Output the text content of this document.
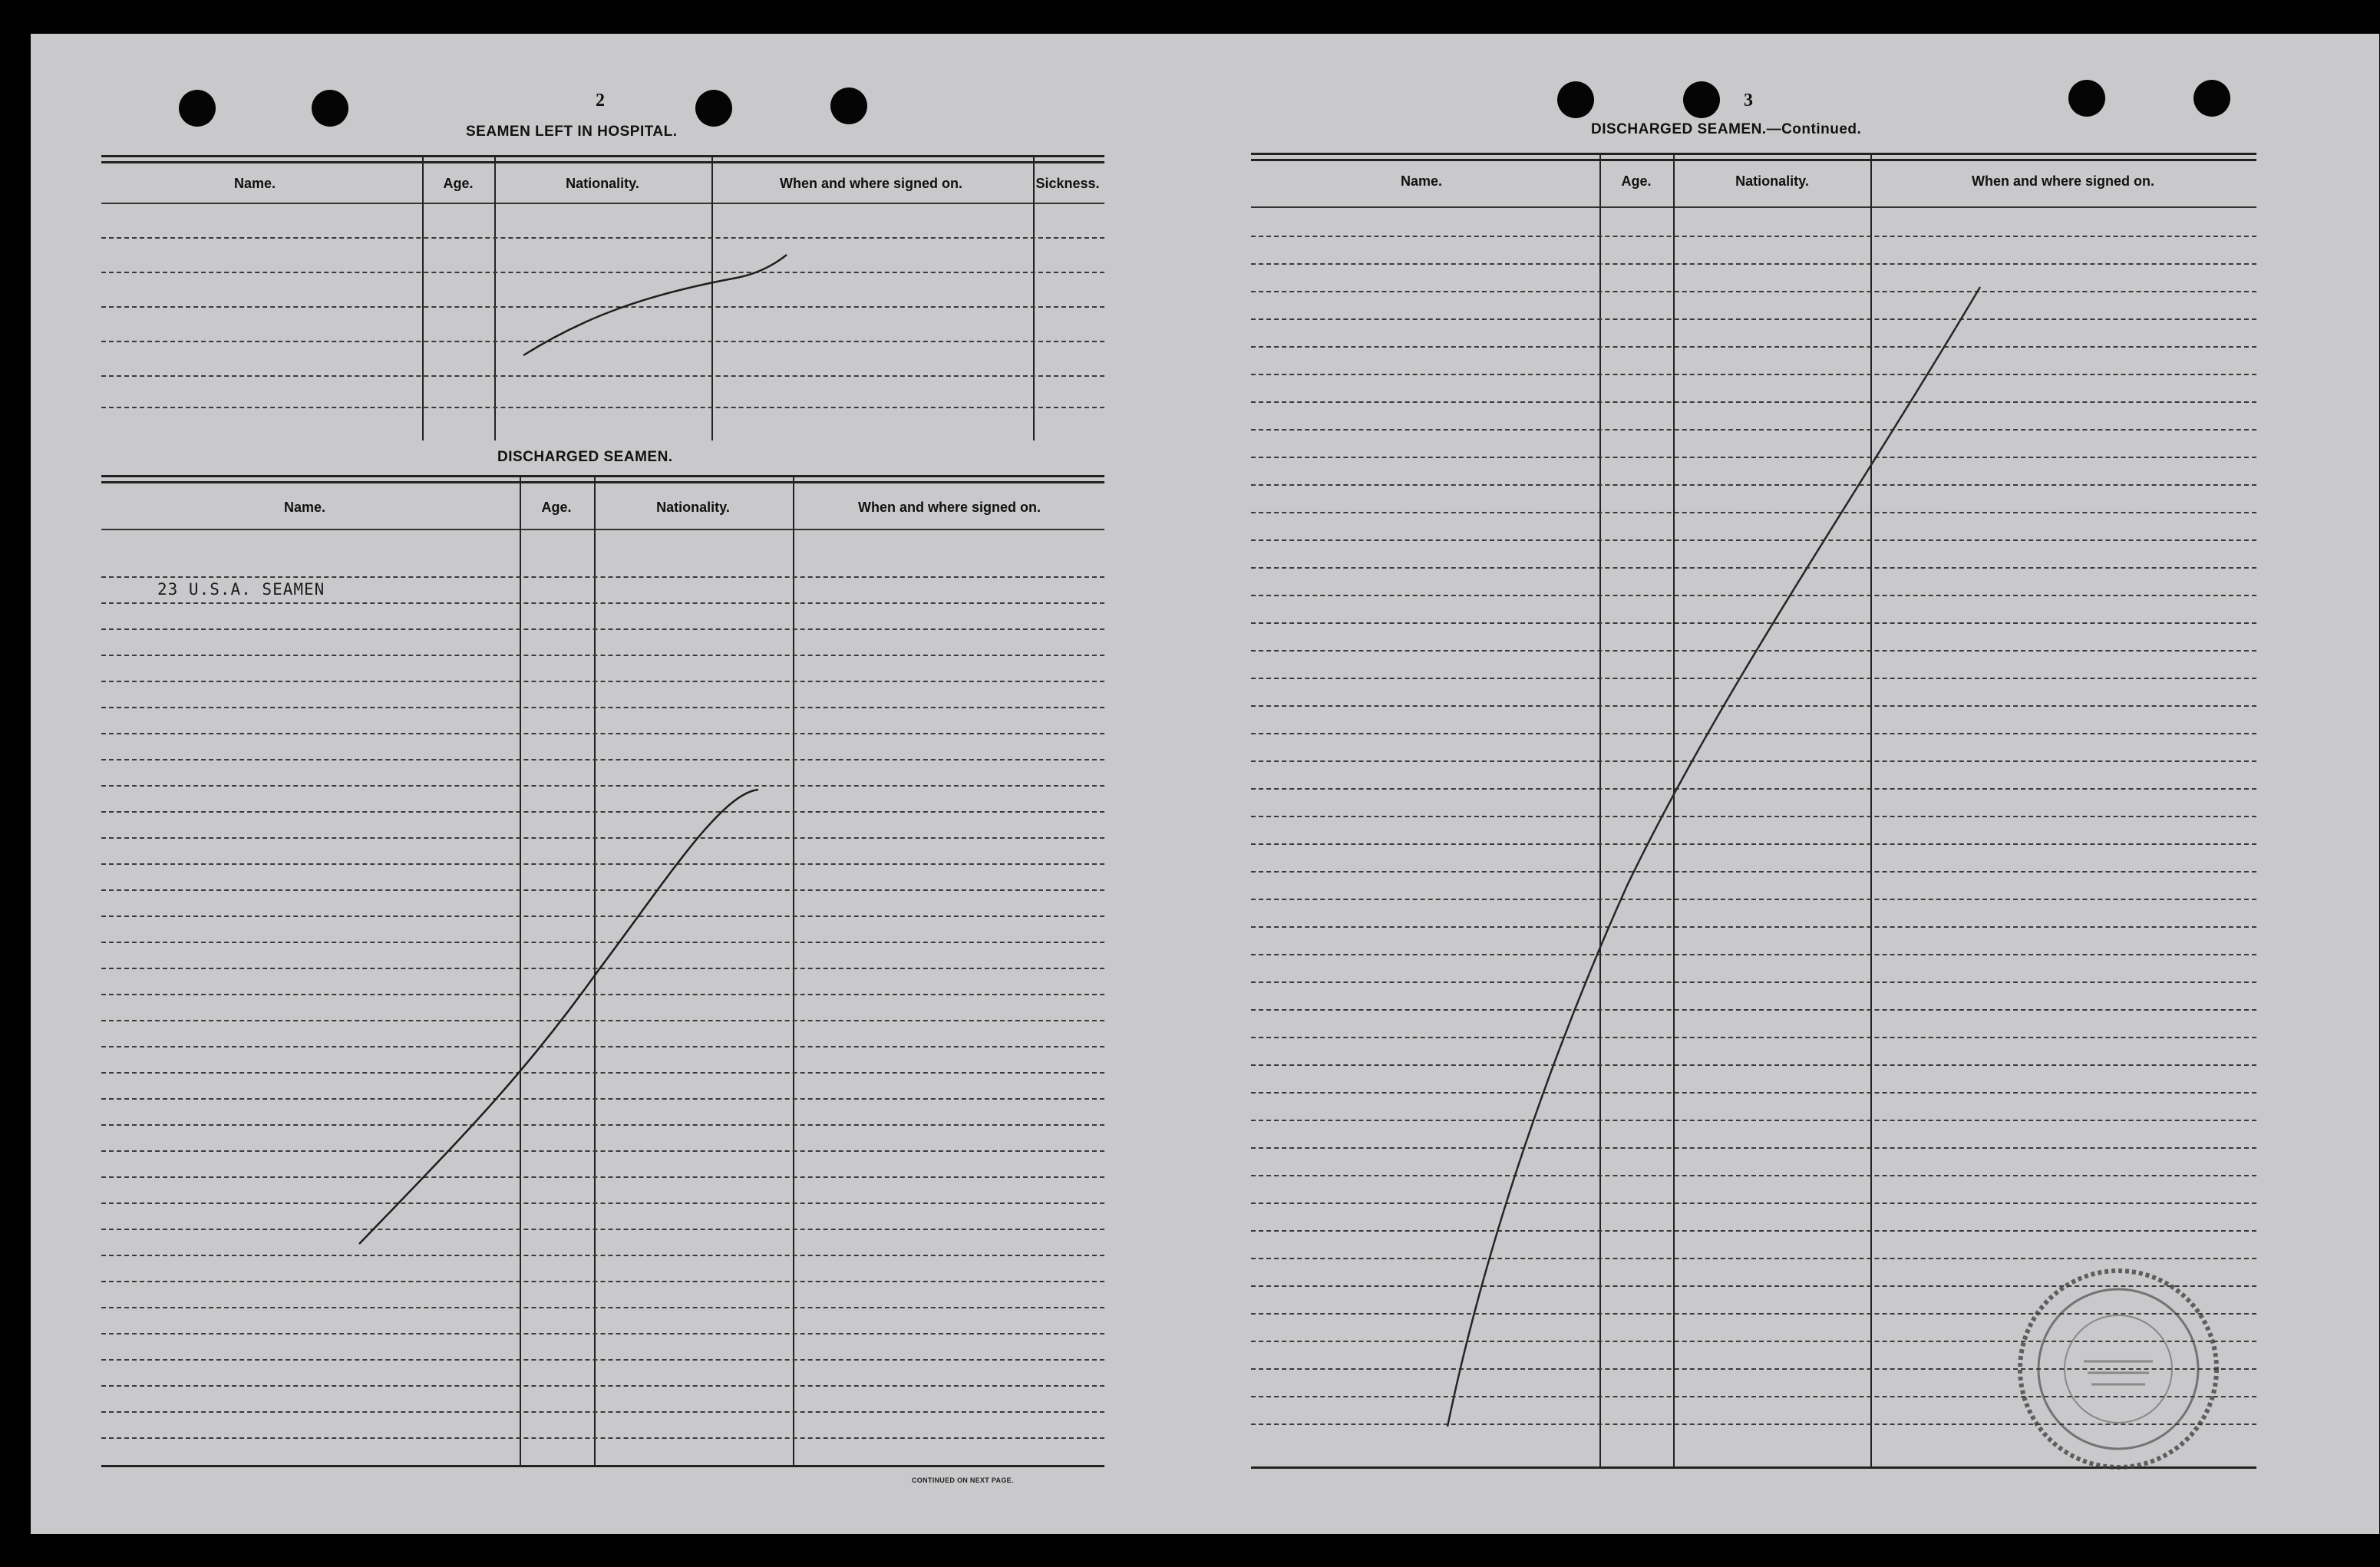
2
SEAMEN LEFT IN HOSPITAL.
Name.	Age.	Nationality.	When and where signed on.	Sickness.
DISCHARGED SEAMEN.
Name.	Age.	Nationality.	When and where signed on.
23 U.S.A. SEAMEN
CONTINUED ON NEXT PAGE.
3
DISCHARGED SEAMEN.—Continued.
Name.	Age.	Nationality.	When and where signed on.
